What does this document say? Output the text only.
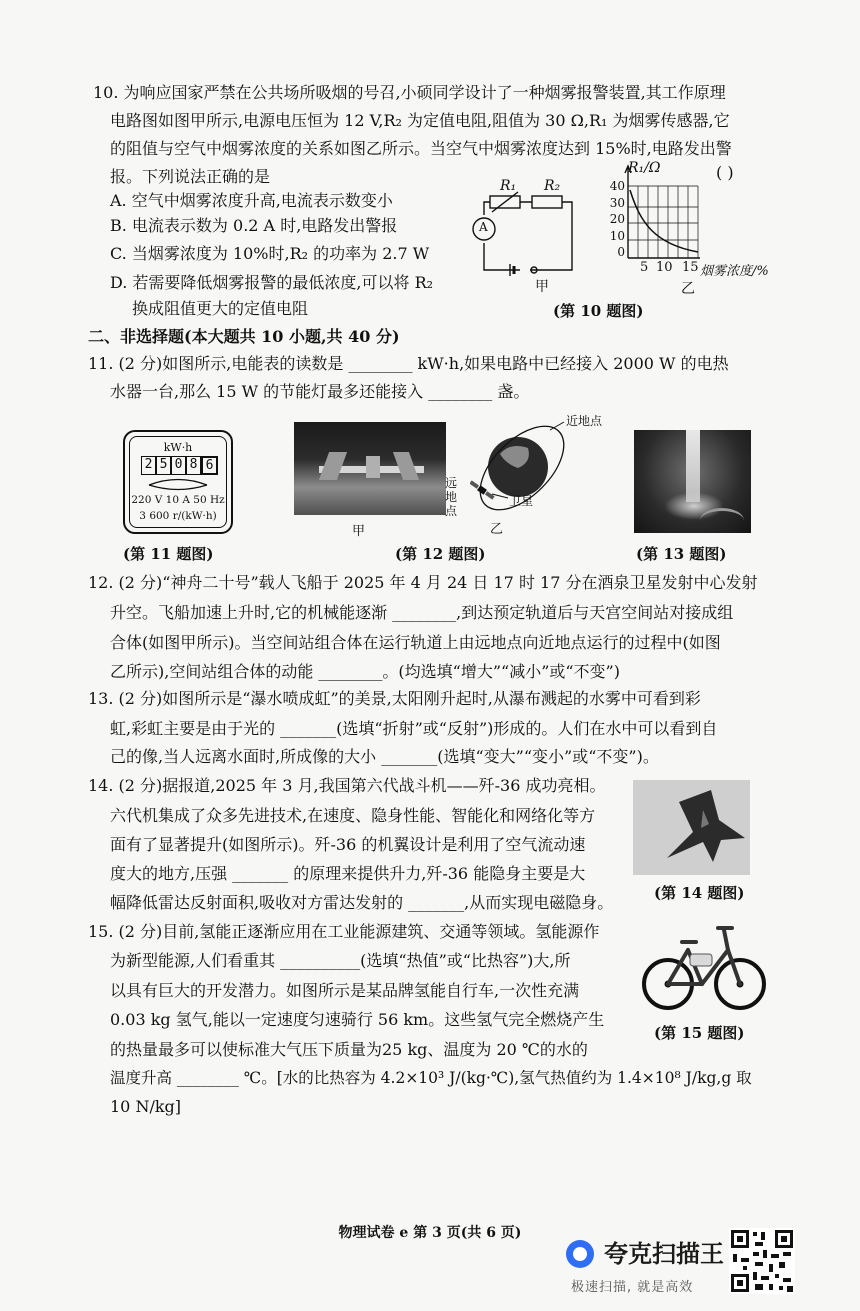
10. 为响应国家严禁在公共场所吸烟的号召,小硕同学设计了一种烟雾报警装置,其工作原理
电路图如图甲所示,电源电压恒为 12 V,R₂ 为定值电阻,阻值为 30 Ω,R₁ 为烟雾传感器,它
的阻值与空气中烟雾浓度的关系如图乙所示。当空气中烟雾浓度达到 15%时,电路发出警
报。下列说法正确的是	( )
A. 空气中烟雾浓度升高,电流表示数变小
B. 电流表示数为 0.2 A 时,电路发出警报
C. 当烟雾浓度为 10%时,R₂ 的功率为 2.7 W
D. 若需要降低烟雾报警的最低浓度,可以将 R₂
换成阻值更大的定值电阻
R₁ R₂
A
甲
R₁/Ω
40
30
20
10
0
5 10 15 烟雾浓度/%
乙
(第 10 题图)
二、非选择题(本大题共 10 小题,共 40 分)
11. (2 分)如图所示,电能表的读数是 ________ kW·h,如果电路中已经接入 2000 W 的电热
水器一台,那么 15 W 的节能灯最多还能接入 ________ 盏。
kW·h
2 5 0 8 6
220 V 10 A 50 Hz
3 600 r/(kW·h)
(第 11 题图)
甲
近地点
远地点
卫星
乙
(第 12 题图)	(第 13 题图)
12. (2 分)“神舟二十号”载人飞船于 2025 年 4 月 24 日 17 时 17 分在酒泉卫星发射中心发射
升空。飞船加速上升时,它的机械能逐渐 ________,到达预定轨道后与天宫空间站对接成组
合体(如图甲所示)。当空间站组合体在运行轨道上由远地点向近地点运行的过程中(如图
乙所示),空间站组合体的动能 ________。(均选填“增大”“减小”或“不变”)
13. (2 分)如图所示是“瀑水喷成虹”的美景,太阳刚升起时,从瀑布溅起的水雾中可看到彩
虹,彩虹主要是由于光的 _______(选填“折射”或“反射”)形成的。人们在水中可以看到自
己的像,当人远离水面时,所成像的大小 _______(选填“变大”“变小”或“不变”)。
14. (2 分)据报道,2025 年 3 月,我国第六代战斗机——歼-36 成功亮相。
六代机集成了众多先进技术,在速度、隐身性能、智能化和网络化等方
面有了显著提升(如图所示)。歼-36 的机翼设计是利用了空气流动速
度大的地方,压强 _______ 的原理来提供升力,歼-36 能隐身主要是大
幅降低雷达反射面积,吸收对方雷达发射的 _______,从而实现电磁隐身。	(第 14 题图)
15. (2 分)目前,氢能正逐渐应用在工业能源建筑、交通等领域。氢能源作
为新型能源,人们看重其 __________(选填“热值”或“比热容”)大,所
以具有巨大的开发潜力。如图所示是某品牌氢能自行车,一次性充满
0.03 kg 氢气,能以一定速度匀速骑行 56 km。这些氢气完全燃烧产生
的热量最多可以使标准大气压下质量为25 kg、温度为 20 ℃的水的
温度升高 ________ ℃。[水的比热容为 4.2×10³ J/(kg·℃),氢气热值约为 1.4×10⁸ J/kg,g 取
10 N/kg]
(第 15 题图)
物理试卷 e 第 3 页(共 6 页)
夸克扫描王
极速扫描, 就是高效
